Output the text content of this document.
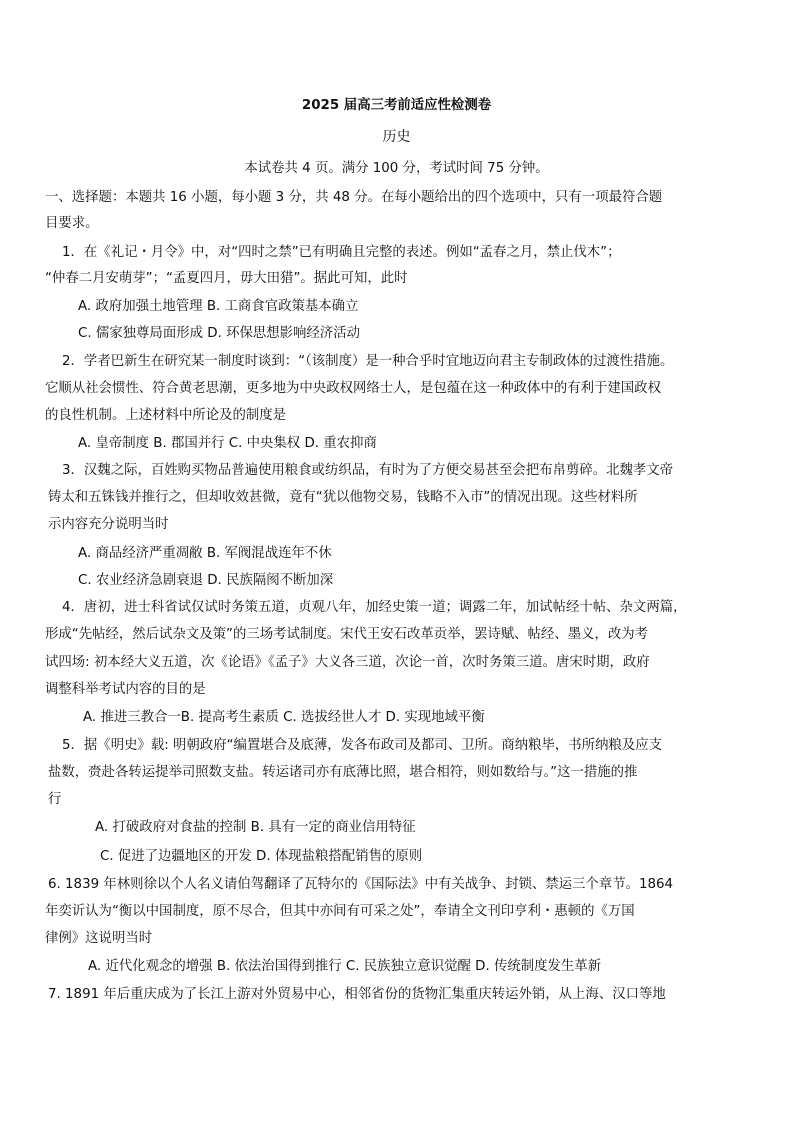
2025 届高三考前适应性检测卷
历史
本试卷共 4 页。满分 100 分，考试时间 75 分钟。
一、选择题：本题共 16 小题，每小题 3 分，共 48 分。在每小题给出的四个选项中，只有一项最符合题
目要求。
1．在《礼记・月令》中，对“四时之禁”已有明确且完整的表述。例如“孟春之月，禁止伐木”；
“仲春二月安萌芽”；“孟夏四月，毋大田猎”。据此可知，此时
A. 政府加强土地管理 B. 工商食官政策基本确立
C. 儒家独尊局面形成 D. 环保思想影响经济活动
2．学者巴新生在研究某一制度时谈到：“（该制度）是一种合乎时宜地迈向君主专制政体的过渡性措施。
它顺从社会惯性、符合黄老思潮，更多地为中央政权网络士人，是包蕴在这一种政体中的有利于建国政权
的良性机制。上述材料中所论及的制度是
A. 皇帝制度 B. 郡国并行 C. 中央集权 D. 重农抑商
3．汉魏之际，百姓购买物品普遍使用粮食或纺织品，有时为了方便交易甚至会把布帛剪碎。北魏孝文帝
铸太和五铢钱并推行之，但却收效甚微，竟有“犹以他物交易，钱略不入市”的情况出现。这些材料所
示内容充分说明当时
A. 商品经济严重凋敝 B. 军阀混战连年不休
C. 农业经济急剧衰退 D. 民族隔阂不断加深
4．唐初，进士科省试仅试时务策五道，贞观八年，加经史策一道；调露二年，加试帖经十帖、杂文两篇，
形成“先帖经，然后试杂文及策”的三场考试制度。宋代王安石改革贡举，罢诗赋、帖经、墨义，改为考
试四场: 初本经大义五道，次《论语》《孟子》大义各三道，次论一首，次时务策三道。唐宋时期，政府
调整科举考试内容的目的是
A. 推进三教合一B. 提高考生素质 C. 选拔经世人才 D. 实现地域平衡
5．据《明史》载: 明朝政府“编置堪合及底薄，发各布政司及都司、卫所。商纳粮毕，书所纳粮及应支
盐数，赍赴各转运提举司照数支盐。转运诸司亦有底薄比照，堪合相符，则如数给与。”这一措施的推
行
A. 打破政府对食盐的控制 B. 具有一定的商业信用特征
C. 促进了边疆地区的开发 D. 体现盐粮搭配销售的原则
6. 1839 年林则徐以个人名义请伯驾翻译了瓦特尔的《国际法》中有关战争、封锁、禁运三个章节。1864
年奕䜣认为“衡以中国制度，原不尽合，但其中亦间有可采之处”，奉请全文刊印亨利・惠顿的《万国
律例》这说明当时
A. 近代化观念的增强 B. 依法治国得到推行 C. 民族独立意识觉醒 D. 传统制度发生革新
7. 1891 年后重庆成为了长江上游对外贸易中心，相邻省份的货物汇集重庆转运外销，从上海、汉口等地
